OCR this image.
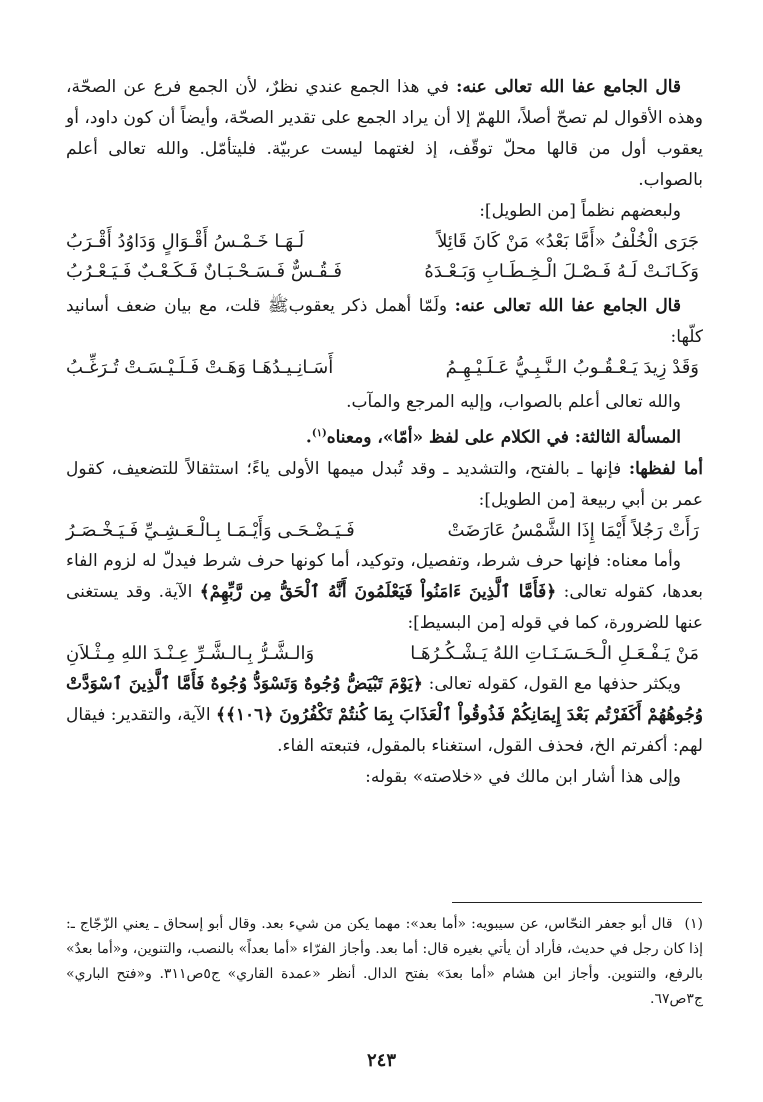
قال الجامع عفا الله تعالى عنه: في هذا الجمع عندي نظرٌ، لأن الجمع فرع عن الصحّة، وهذه الأقوال لم تصحّ أصلاً، اللهمّ إلا أن يراد الجمع على تقدير الصحّة، وأيضاً أن كون داود، أو يعقوب أول من قالها محلّ توقّف، إذ لغتهما ليست عربيّة. فليتأمّل. والله تعالى أعلم بالصواب.

ولبعضهم نظماً [من الطويل]:

جَرَى الْخُلْفُ «أَمَّا بَعْدُ» مَنْ كَانَ قَائِلاً
لَـهَـا خَـمْـسُ أَقْـوَالٍ وَدَاوُدُ أَقْـرَبُ
وَكَـانَـتْ لَـهُ فَـصْـلَ الْـخِـطَـابِ وَبَـعْـدَهُ
فَـقُـسٌّ فَـسَـحْـبَـانٌ فَـكَـعْـبٌ فَـيَـعْـرُبُ

قال الجامع عفا الله تعالى عنه: ولَمّا أهمل ذكر يعقوبﷺ قلت، مع بيان ضعف أسانيد كلّها:

وَقَدْ زِيدَ يَـعْـقُـوبُ الـنَّـبِـيُّ عَـلَـيْـهِـمُ
أَسَـانِـيـدُهَـا وَهَـتْ فَـلَـيْـسَـتْ تُـرَغِّـبُ

والله تعالى أعلم بالصواب، وإليه المرجع والمآب.

المسألة الثالثة: في الكلام على لفظ «أمّا»، ومعناه$^{(١)}$.

أما لفظها: فإنها ـ بالفتح، والتشديد ـ وقد تُبدل ميمها الأولى ياءً؛ استثقالاً للتضعيف، كقول عمر بن أبي ربيعة [من الطويل]:

رَأَتْ رَجُلاً أَيْمَا إِذَا الشَّمْسُ عَارَضَتْ
فَـيَـضْـحَـى وَأَيْـمَـا بِـالْـعَـشِـيِّ فَـيَـخْـصَـرُ

وأما معناه: فإنها حرف شرط، وتفصيل، وتوكيد، أما كونها حرف شرط فيدلّ له لزوم الفاء بعدها، كقوله تعالى: ﴿فَأَمَّا ٱلَّذِينَ ءَامَنُواْ فَيَعْلَمُونَ أَنَّهُ ٱلْحَقُّ مِن رَّبِّهِمْ﴾ الآية. وقد يستغنى عنها للضرورة، كما في قوله [من البسيط]:

مَنْ يَـفْـعَـلِ الْـحَـسَـنَـاتِ اللهُ يَـشْـكُـرُهَـا
وَالـشَّـرُّ بِـالـشَّـرِّ عِـنْـدَ اللهِ مِـثْـلاَنِ

ويكثر حذفها مع القول، كقوله تعالى: ﴿يَوْمَ تَبْيَضُّ وُجُوهٌ وَتَسْوَدُّ وُجُوهٌ فَأَمَّا ٱلَّذِينَ ٱسْوَدَّتْ وُجُوهُهُمْ أَكَفَرْتُم بَعْدَ إِيمَانِكُمْ فَذُوقُواْ ٱلْعَذَابَ بِمَا كُنتُمْ تَكْفُرُونَ ﴿١٠٦﴾﴾ الآية، والتقدير: فيقال لهم: أكفرتم الخ، فحذف القول، استغناء بالمقول، فتبعته الفاء.

وإلى هذا أشار ابن مالك في «خلاصته» بقوله:

(١)
قال أبو جعفر النحّاس، عن سيبويه: «أما بعد»: مهما يكن من شيء بعد. وقال أبو إسحاق ـ يعني الزّجّاج ـ: إذا كان رجل في حديث، فأراد أن يأتي بغيره قال: أما بعد. وأجاز الفرّاء «أما بعداً» بالنصب، والتنوين، و«أما بعدٌ» بالرفع، والتنوين. وأجاز ابن هشام «أما بعدَ» بفتح الدال. أنظر «عمدة القاري» ج٥ص٣١١. و«فتح الباري» ج٣ص٦٧.
٢٤٣
